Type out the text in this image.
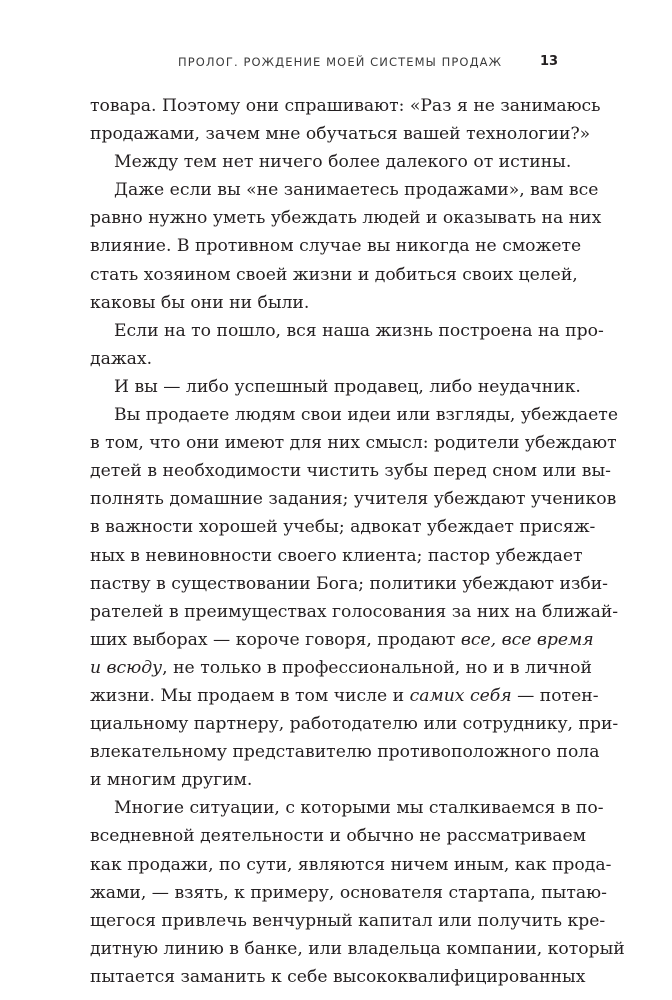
ПРОЛОГ. РОЖДЕНИЕ МОЕЙ СИСТЕМЫ ПРОДАЖ	13
товара. Поэтому они спрашивают: «Раз я не занимаюсь
продажами, зачем мне обучаться вашей технологии?»
Между тем нет ничего более далекого от истины.
Даже если вы «не занимаетесь продажами», вам все
равно нужно уметь убеждать людей и оказывать на них
влияние. В противном случае вы никогда не сможете
стать хозяином своей жизни и добиться своих целей,
каковы бы они ни были.
Если на то пошло, вся наша жизнь построена на про-
дажах.
И вы — либо успешный продавец, либо неудачник.
Вы продаете людям свои идеи или взгляды, убеждаете
в том, что они имеют для них смысл: родители убеждают
детей в необходимости чистить зубы перед сном или вы-
полнять домашние задания; учителя убеждают учеников
в важности хорошей учебы; адвокат убеждает присяж-
ных в невиновности своего клиента; пастор убеждает
паству в существовании Бога; политики убеждают изби-
рателей в преимуществах голосования за них на ближай-
ших выборах — короче говоря, продают все, все время
и всюду, не только в профессиональной, но и в личной
жизни. Мы продаем в том числе и самих себя — потен-
циальному партнеру, работодателю или сотруднику, при-
влекательному представителю противоположного пола
и многим другим.
Многие ситуации, с которыми мы сталкиваемся в по-
вседневной деятельности и обычно не рассматриваем
как продажи, по сути, являются ничем иным, как прода-
жами, — взять, к примеру, основателя стартапа, пытаю-
щегося привлечь венчурный капитал или получить кре-
дитную линию в банке, или владельца компании, который
пытается заманить к себе высококвалифицированных
